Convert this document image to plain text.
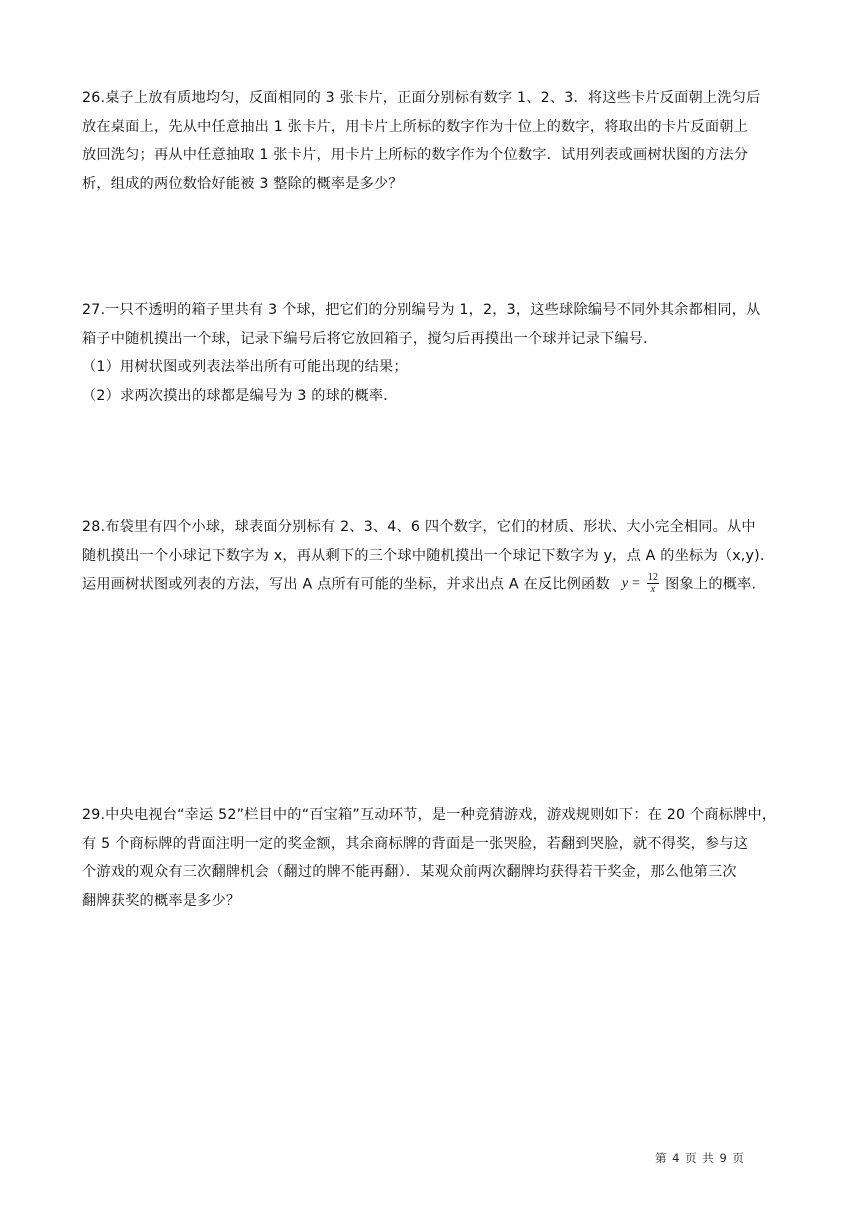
26.桌子上放有质地均匀，反面相同的 3 张卡片，正面分别标有数字 1、2、3．将这些卡片反面朝上洗匀后

放在桌面上，先从中任意抽出 1 张卡片，用卡片上所标的数字作为十位上的数字，将取出的卡片反面朝上

放回洗匀；再从中任意抽取 1 张卡片，用卡片上所标的数字作为个位数字．试用列表或画树状图的方法分

析，组成的两位数恰好能被 3 整除的概率是多少？

27.一只不透明的箱子里共有 3 个球，把它们的分别编号为 1，2，3，这些球除编号不同外其余都相同，从

箱子中随机摸出一个球，记录下编号后将它放回箱子，搅匀后再摸出一个球并记录下编号．

（1）用树状图或列表法举出所有可能出现的结果；

（2）求两次摸出的球都是编号为 3 的球的概率．

28.布袋里有四个小球，球表面分别标有 2、3、4、6 四个数字，它们的材质、形状、大小完全相同。从中

随机摸出一个小球记下数字为 x，再从剩下的三个球中随机摸出一个球记下数字为 y，点 A 的坐标为（x,y).

运用画树状图或列表的方法，写出 A 点所有可能的坐标，并求出点 A 在反比例函数 $y = \frac{12}{x}$ 图象上的概率.

29.中央电视台“幸运 52”栏目中的“百宝箱”互动环节，是一种竞猜游戏，游戏规则如下：在 20 个商标牌中，

有 5 个商标牌的背面注明一定的奖金额，其余商标牌的背面是一张哭脸，若翻到哭脸，就不得奖，参与这

个游戏的观众有三次翻牌机会（翻过的牌不能再翻）．某观众前两次翻牌均获得若干奖金，那么他第三次

翻牌获奖的概率是多少？

第 4 页 共 9 页
